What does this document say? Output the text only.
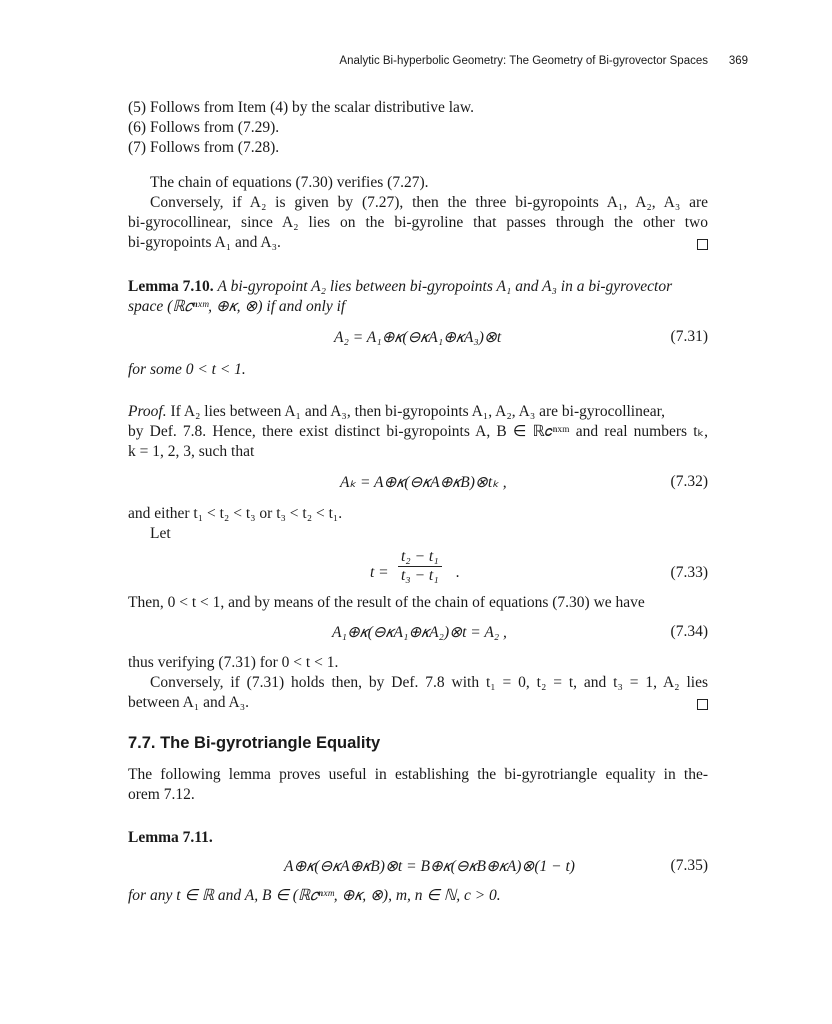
Analytic Bi-hyperbolic Geometry: The Geometry of Bi-gyrovector Spaces 369
(5) Follows from Item (4) by the scalar distributive law.
(6) Follows from (7.29).
(7) Follows from (7.28).
The chain of equations (7.30) verifies (7.27).
Conversely, if A₂ is given by (7.27), then the three bi-gyropoints A₁, A₂, A₃ are
bi-gyrocollinear, since A₂ lies on the bi-gyroline that passes through the other two
bi-gyropoints A₁ and A₃.
Lemma 7.10. A bi-gyropoint A₂ lies between bi-gyropoints A₁ and A₃ in a bi-gyrovector
space (ℝ𝑐ⁿˣᵐ, ⊕𝜅, ⊗) if and only if
A₂ = A₁⊕𝜅(⊖𝜅A₁⊕𝜅A₃)⊗t	(7.31)
for some 0 < t < 1.
Proof. If A₂ lies between A₁ and A₃, then bi-gyropoints A₁, A₂, A₃ are bi-gyrocollinear,
by Def. 7.8. Hence, there exist distinct bi-gyropoints A, B ∈ ℝ𝑐ⁿˣᵐ and real numbers tₖ,
k = 1, 2, 3, such that
Aₖ = A⊕𝜅(⊖𝜅A⊕𝜅B)⊗tₖ ,	(7.32)
and either t₁ < t₂ < t₃ or t₃ < t₂ < t₁.
Let
$t = \frac{\text{t₂ − t₁}}{\text{t₃ − t₁}}$ .	(7.33)
Then, 0 < t < 1, and by means of the result of the chain of equations (7.30) we have
A₁⊕𝜅(⊖𝜅A₁⊕𝜅A₂)⊗t = A₂ ,	(7.34)
thus verifying (7.31) for 0 < t < 1.
Conversely, if (7.31) holds then, by Def. 7.8 with t₁ = 0, t₂ = t, and t₃ = 1, A₂ lies
between A₁ and A₃.
7.7. The Bi-gyrotriangle Equality
The following lemma proves useful in establishing the bi-gyrotriangle equality in the-
orem 7.12.
Lemma 7.11.
A⊕𝜅(⊖𝜅A⊕𝜅B)⊗t = B⊕𝜅(⊖𝜅B⊕𝜅A)⊗(1 − t)	(7.35)
for any t ∈ ℝ and A, B ∈ (ℝ𝑐ⁿˣᵐ, ⊕𝜅, ⊗), m, n ∈ ℕ, c > 0.
